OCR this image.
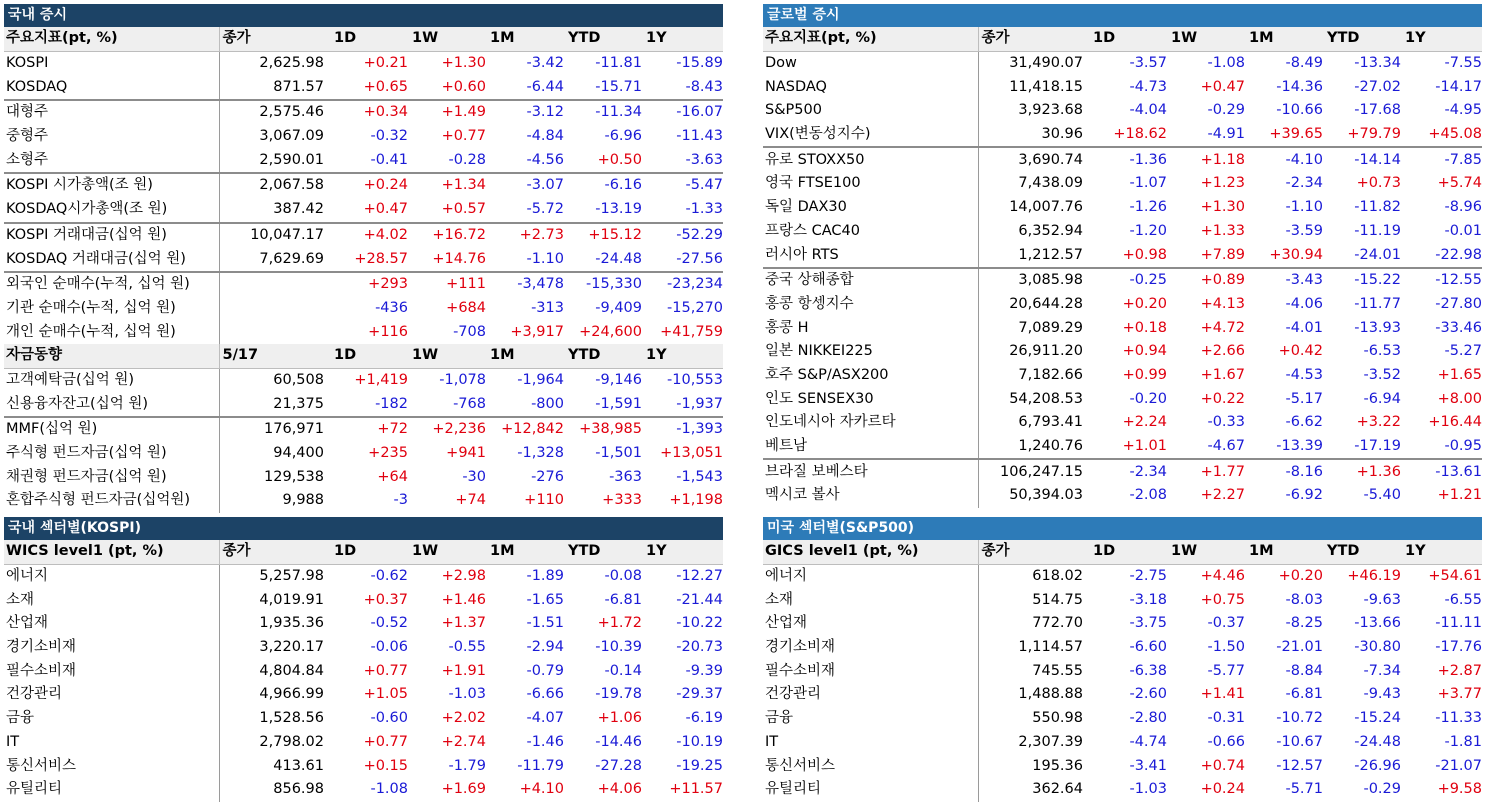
국내 증시
주요지표(pt, %)	종가	1D	1W	1M	YTD	1Y
KOSPI	2,625.98	+0.21	+1.30	-3.42	-11.81	-15.89
KOSDAQ	871.57	+0.65	+0.60	-6.44	-15.71	-8.43
대형주	2,575.46	+0.34	+1.49	-3.12	-11.34	-16.07
중형주	3,067.09	-0.32	+0.77	-4.84	-6.96	-11.43
소형주	2,590.01	-0.41	-0.28	-4.56	+0.50	-3.63
KOSPI 시가총액(조 원)	2,067.58	+0.24	+1.34	-3.07	-6.16	-5.47
KOSDAQ시가총액(조 원)	387.42	+0.47	+0.57	-5.72	-13.19	-1.33
KOSPI 거래대금(십억 원)	10,047.17	+4.02	+16.72	+2.73	+15.12	-52.29
KOSDAQ 거래대금(십억 원)	7,629.69	+28.57	+14.76	-1.10	-24.48	-27.56
외국인 순매수(누적, 십억 원)		+293	+111	-3,478	-15,330	-23,234
기관 순매수(누적, 십억 원)		-436	+684	-313	-9,409	-15,270
개인 순매수(누적, 십억 원)		+116	-708	+3,917	+24,600	+41,759
자금동향	5/17	1D	1W	1M	YTD	1Y
고객예탁금(십억 원)	60,508	+1,419	-1,078	-1,964	-9,146	-10,553
신용융자잔고(십억 원)	21,375	-182	-768	-800	-1,591	-1,937
MMF(십억 원)	176,971	+72	+2,236	+12,842	+38,985	-1,393
주식형 펀드자금(십억 원)	94,400	+235	+941	-1,328	-1,501	+13,051
채권형 펀드자금(십억 원)	129,538	+64	-30	-276	-363	-1,543
혼합주식형 펀드자금(십억원)	9,988	-3	+74	+110	+333	+1,198
글로벌 증시
주요지표(pt, %)	종가	1D	1W	1M	YTD	1Y
Dow	31,490.07	-3.57	-1.08	-8.49	-13.34	-7.55
NASDAQ	11,418.15	-4.73	+0.47	-14.36	-27.02	-14.17
S&P500	3,923.68	-4.04	-0.29	-10.66	-17.68	-4.95
VIX(변동성지수)	30.96	+18.62	-4.91	+39.65	+79.79	+45.08
유로 STOXX50	3,690.74	-1.36	+1.18	-4.10	-14.14	-7.85
영국 FTSE100	7,438.09	-1.07	+1.23	-2.34	+0.73	+5.74
독일 DAX30	14,007.76	-1.26	+1.30	-1.10	-11.82	-8.96
프랑스 CAC40	6,352.94	-1.20	+1.33	-3.59	-11.19	-0.01
러시아 RTS	1,212.57	+0.98	+7.89	+30.94	-24.01	-22.98
중국 상해종합	3,085.98	-0.25	+0.89	-3.43	-15.22	-12.55
홍콩 항셍지수	20,644.28	+0.20	+4.13	-4.06	-11.77	-27.80
홍콩 H	7,089.29	+0.18	+4.72	-4.01	-13.93	-33.46
일본 NIKKEI225	26,911.20	+0.94	+2.66	+0.42	-6.53	-5.27
호주 S&P/ASX200	7,182.66	+0.99	+1.67	-4.53	-3.52	+1.65
인도 SENSEX30	54,208.53	-0.20	+0.22	-5.17	-6.94	+8.00
인도네시아 자카르타	6,793.41	+2.24	-0.33	-6.62	+3.22	+16.44
베트남	1,240.76	+1.01	-4.67	-13.39	-17.19	-0.95
브라질 보베스타	106,247.15	-2.34	+1.77	-8.16	+1.36	-13.61
멕시코 볼사	50,394.03	-2.08	+2.27	-6.92	-5.40	+1.21
국내 섹터별(KOSPI)
WICS level1 (pt, %)	종가	1D	1W	1M	YTD	1Y
에너지	5,257.98	-0.62	+2.98	-1.89	-0.08	-12.27
소재	4,019.91	+0.37	+1.46	-1.65	-6.81	-21.44
산업재	1,935.36	-0.52	+1.37	-1.51	+1.72	-10.22
경기소비재	3,220.17	-0.06	-0.55	-2.94	-10.39	-20.73
필수소비재	4,804.84	+0.77	+1.91	-0.79	-0.14	-9.39
건강관리	4,966.99	+1.05	-1.03	-6.66	-19.78	-29.37
금융	1,528.56	-0.60	+2.02	-4.07	+1.06	-6.19
IT	2,798.02	+0.77	+2.74	-1.46	-14.46	-10.19
통신서비스	413.61	+0.15	-1.79	-11.79	-27.28	-19.25
유틸리티	856.98	-1.08	+1.69	+4.10	+4.06	+11.57
미국 섹터별(S&P500)
GICS level1 (pt, %)	종가	1D	1W	1M	YTD	1Y
에너지	618.02	-2.75	+4.46	+0.20	+46.19	+54.61
소재	514.75	-3.18	+0.75	-8.03	-9.63	-6.55
산업재	772.70	-3.75	-0.37	-8.25	-13.66	-11.11
경기소비재	1,114.57	-6.60	-1.50	-21.01	-30.80	-17.76
필수소비재	745.55	-6.38	-5.77	-8.84	-7.34	+2.87
건강관리	1,488.88	-2.60	+1.41	-6.81	-9.43	+3.77
금융	550.98	-2.80	-0.31	-10.72	-15.24	-11.33
IT	2,307.39	-4.74	-0.66	-10.67	-24.48	-1.81
통신서비스	195.36	-3.41	+0.74	-12.57	-26.96	-21.07
유틸리티	362.64	-1.03	+0.24	-5.71	-0.29	+9.58
